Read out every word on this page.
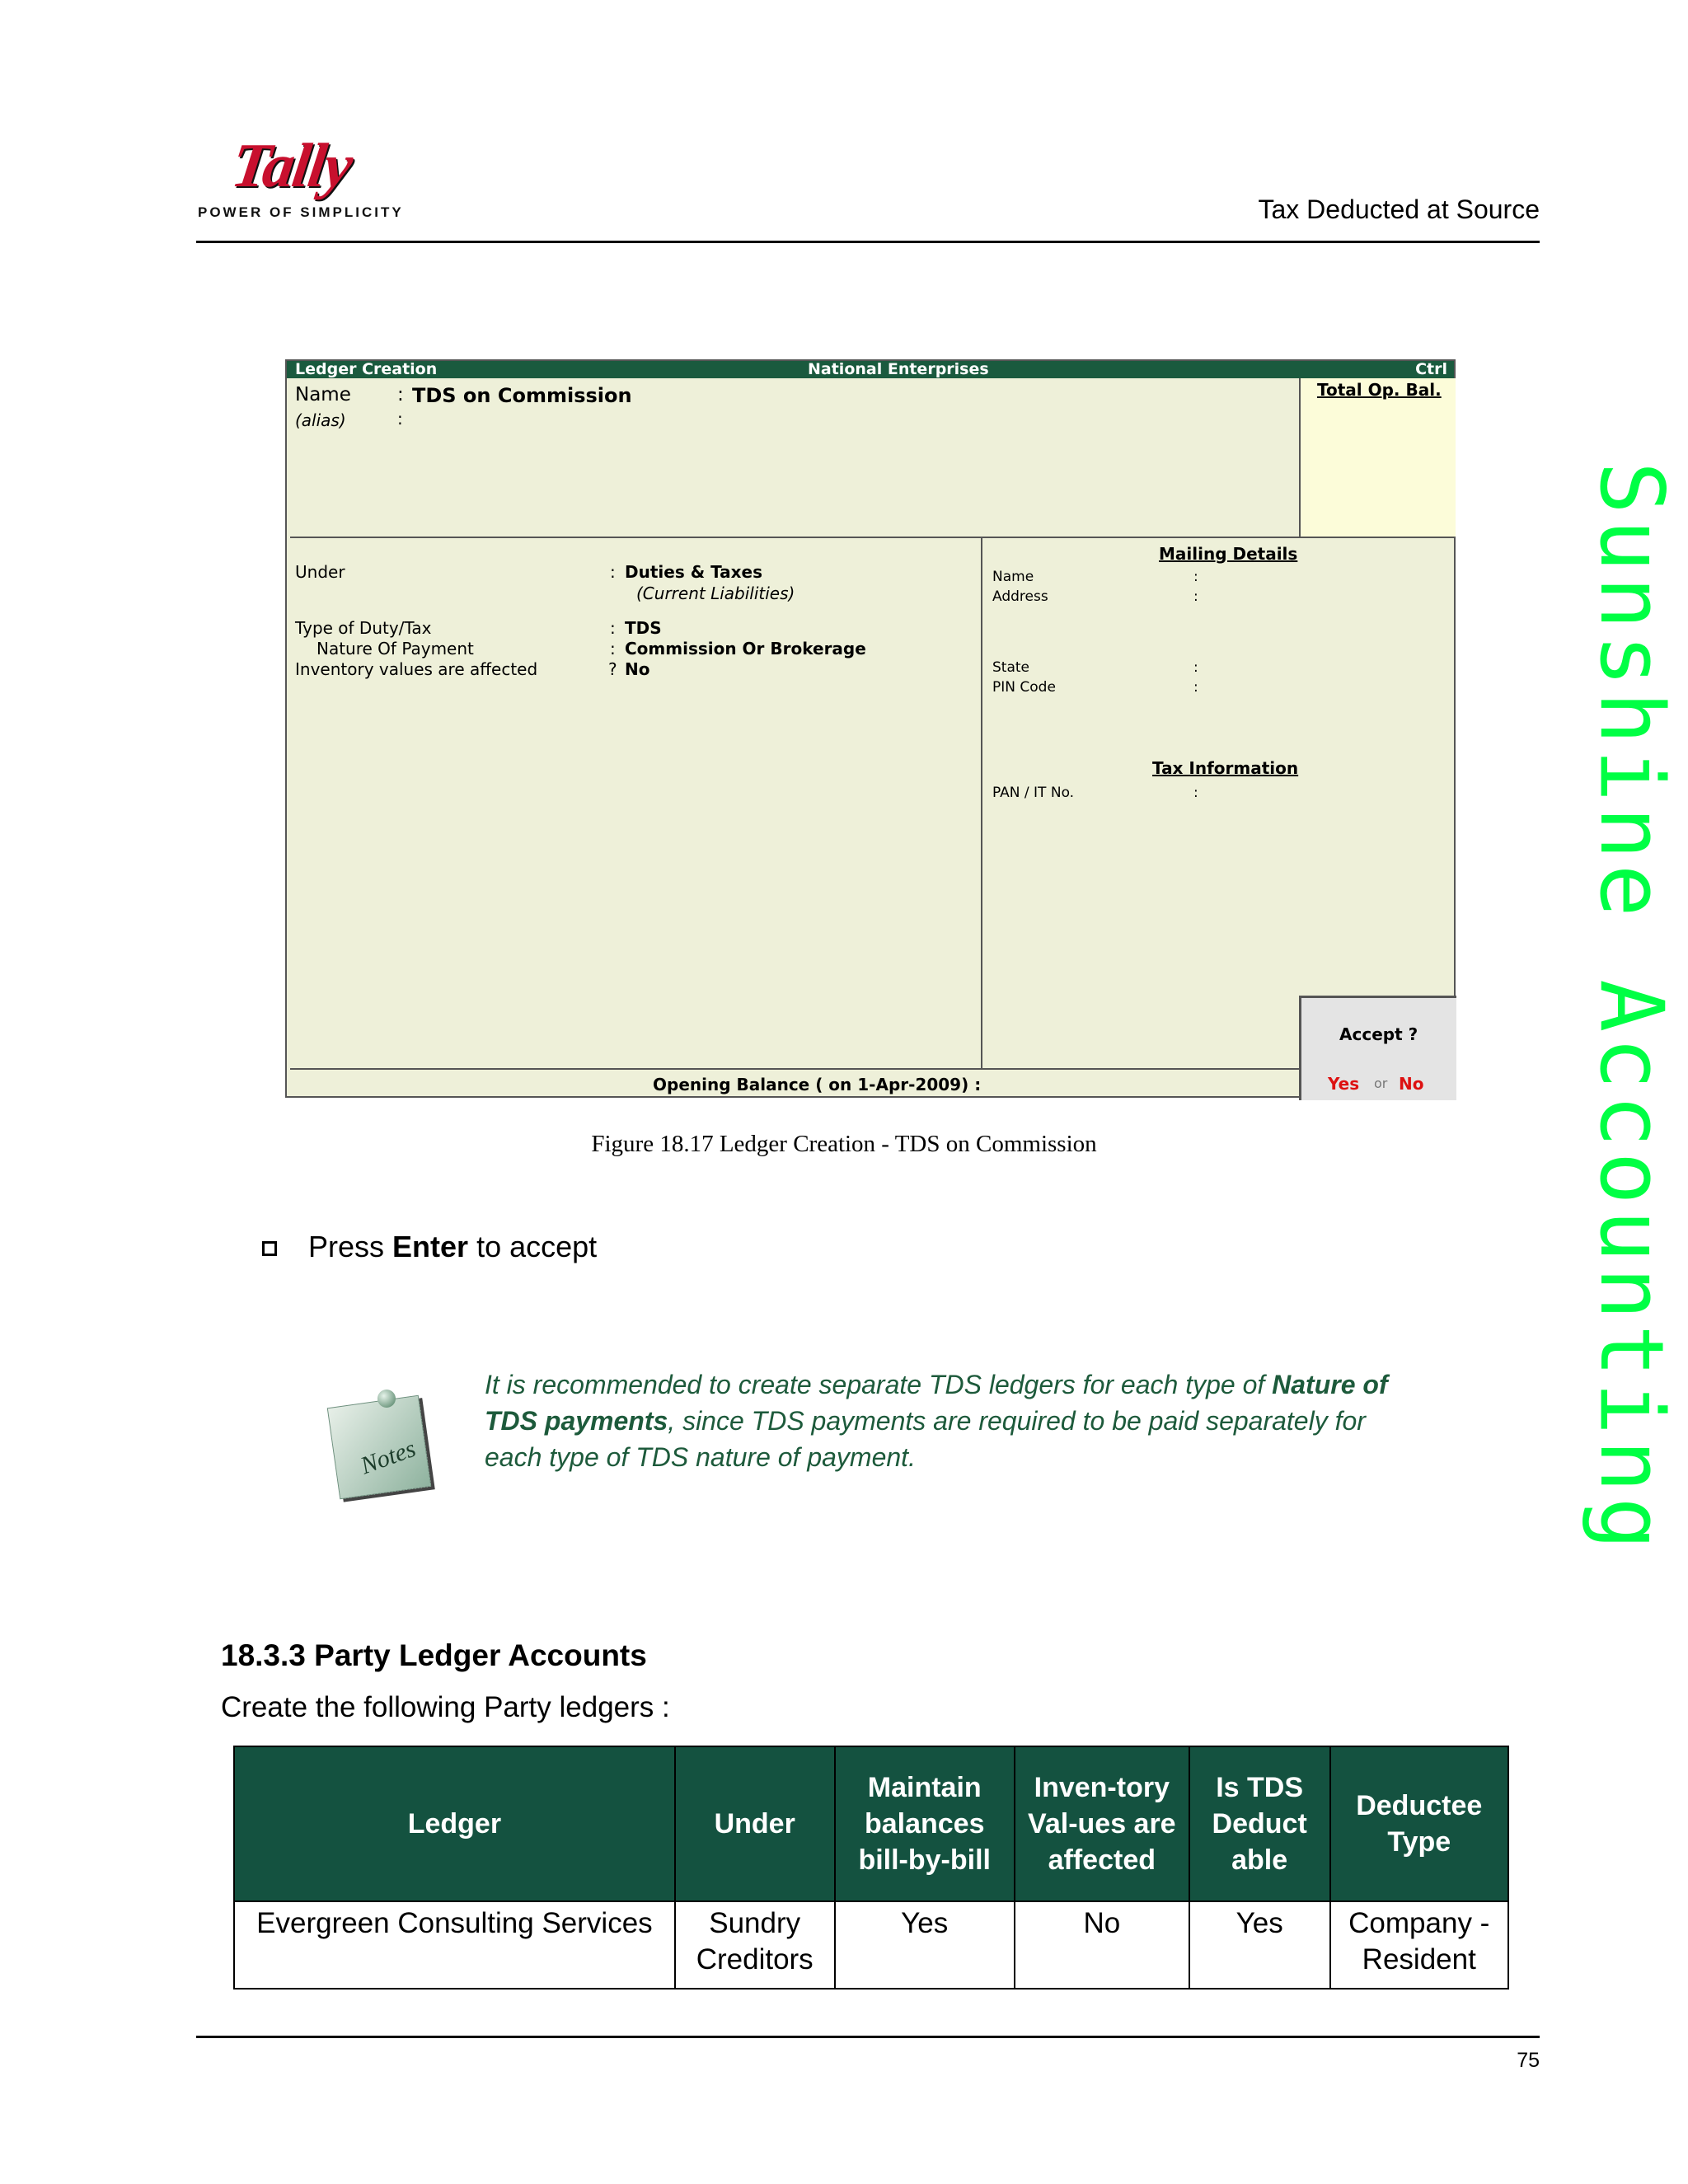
Tally
POWER OF SIMPLICITY	Tax Deducted at Source
Sunshine Accounting
Ledger Creation	National Enterprises	Ctrl
Total Op. Bal.
Name : TDS on Commission
(alias)	:
Under	: Duties & Taxes
(Current Liabilities)
Type of Duty/Tax	: TDS
Nature Of Payment	: Commission Or Brokerage
Inventory values are affected	? No
Mailing Details
Name	:
Address	:
State	:
PIN Code	:
Tax Information
PAN / IT No.	:
Accept ?
Yes or No
Opening Balance ( on 1-Apr-2009) :
Figure 18.17 Ledger Creation - TDS on Commission
Press Enter to accept
Notes
It is recommended to create separate TDS ledgers for each type of Nature of TDS payments, since TDS payments are required to be paid separately for each type of TDS nature of payment.
18.3.3 Party Ledger Accounts
Create the following Party ledgers :
Ledger	Under	Maintain balances bill-by-bill	Inven-tory Val-ues are affected	Is TDS Deduct able	Deductee Type
Evergreen Consulting Services	Sundry Creditors	Yes	No	Yes	Company - Resident
75
